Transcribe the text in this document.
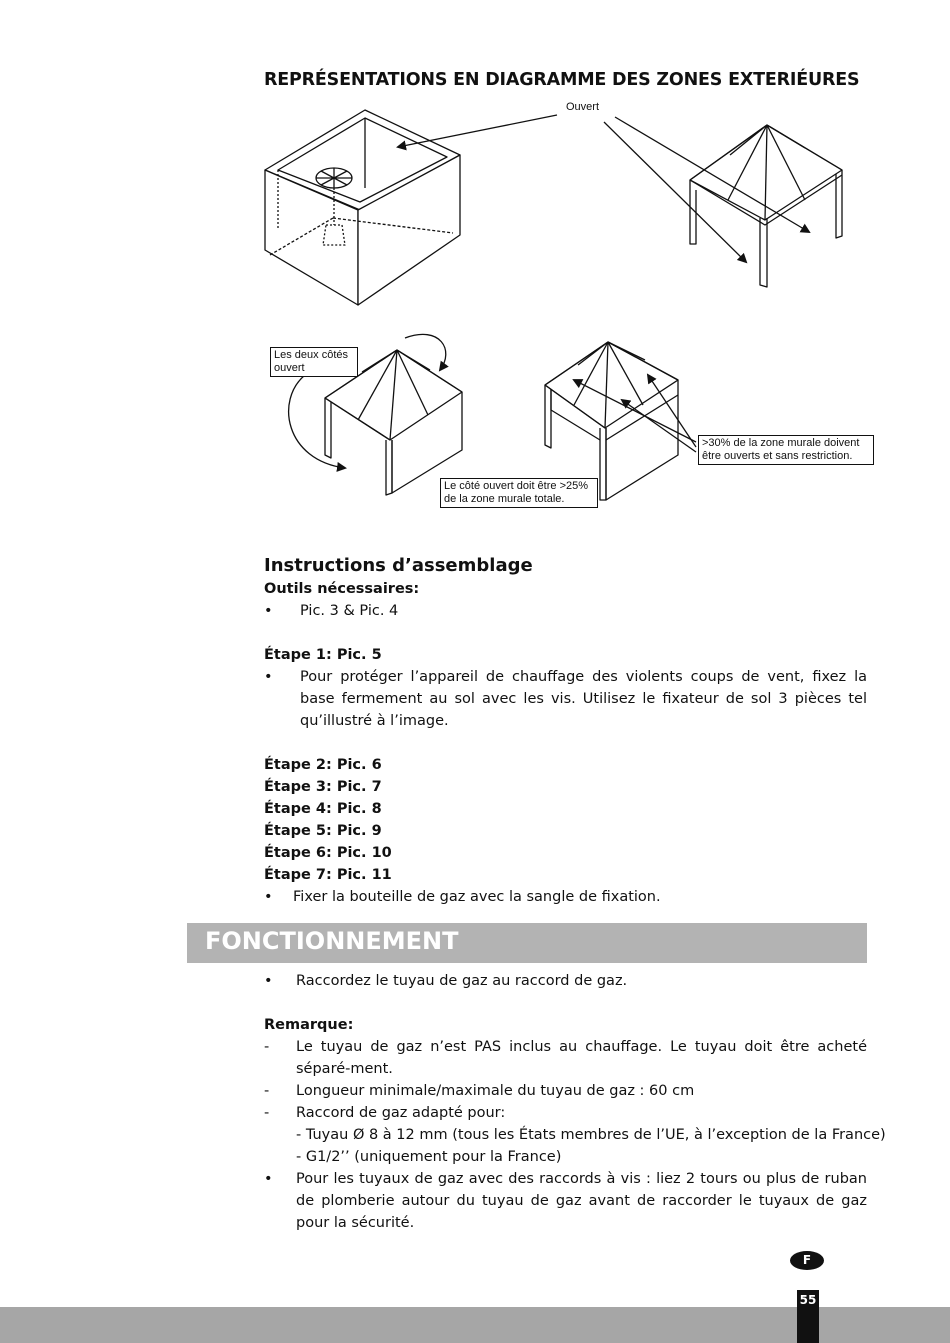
REPRÉSENTATIONS EN DIAGRAMME DES ZONES EXTERIÉURES
Ouvert
Les deux côtés
ouvert
Le côté ouvert doit être >25%
de la zone murale totale.
>30% de la zone murale doivent
être ouverts et sans restriction.
Instructions d’assemblage
Outils nécessaires:
•	Pic. 3 & Pic. 4
Étape 1: Pic. 5
•	Pour protéger l’appareil de chauffage des violents coups de vent, fixez la base fermement au sol avec les vis. Utilisez le fixateur de sol 3 pièces tel qu’illustré à l’image.
Étape 2: Pic. 6
Étape 3: Pic. 7
Étape 4: Pic. 8
Étape 5: Pic. 9
Étape 6: Pic. 10
Étape 7: Pic. 11
•	Fixer la bouteille de gaz avec la sangle de fixation.
FONCTIONNEMENT
•	Raccordez le tuyau de gaz au raccord de gaz.
Remarque:
-	Le tuyau de gaz n’est PAS inclus au chauffage. Le tuyau doit être acheté séparé-ment.
-	Longueur minimale/maximale du tuyau de gaz : 60 cm
-	Raccord de gaz adapté pour:
- Tuyau Ø 8 à 12 mm (tous les États membres de l’UE, à l’exception de la France)
- G1/2’’ (uniquement pour la France)
•	Pour les tuyaux de gaz avec des raccords à vis : liez 2 tours ou plus de ruban de plomberie autour du tuyau de gaz avant de raccorder le tuyaux de gaz pour la sécurité.
F
55
